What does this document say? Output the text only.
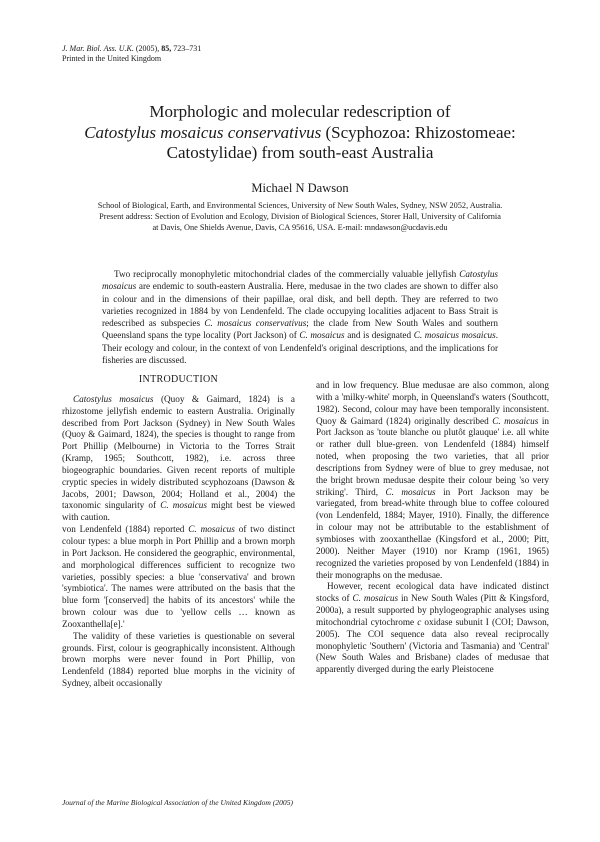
J. Mar. Biol. Ass. U.K. (2005), 85, 723–731
Printed in the United Kingdom
Morphologic and molecular redescription of
Catostylus mosaicus conservativus (Scyphozoa: Rhizostomeae:
Catostylidae) from south-east Australia
Michael N Dawson
School of Biological, Earth, and Environmental Sciences, University of New South Wales, Sydney, NSW 2052, Australia.
Present address: Section of Evolution and Ecology, Division of Biological Sciences, Storer Hall, University of California
at Davis, One Shields Avenue, Davis, CA 95616, USA. E-mail: mndawson@ucdavis.edu

Two reciprocally monophyletic mitochondrial clades of the commercially valuable jellyfish Catostylus mosaicus are endemic to south-eastern Australia. Here, medusae in the two clades are shown to differ also in colour and in the dimensions of their papillae, oral disk, and bell depth. They are referred to two varieties recognized in 1884 by von Lendenfeld. The clade occupying localities adjacent to Bass Strait is redescribed as subspecies C. mosaicus conservativus; the clade from New South Wales and southern Queensland spans the type locality (Port Jackson) of C. mosaicus and is designated C. mosaicus mosaicus. Their ecology and colour, in the context of von Lendenfeld's original descriptions, and the implications for fisheries are discussed.

INTRODUCTION

Catostylus mosaicus (Quoy & Gaimard, 1824) is a rhizostome jellyfish endemic to eastern Australia. Originally described from Port Jackson (Sydney) in New South Wales (Quoy & Gaimard, 1824), the species is thought to range from Port Phillip (Melbourne) in Victoria to the Torres Strait (Kramp, 1965; Southcott, 1982), i.e. across three biogeographic boundaries. Given recent reports of multiple cryptic species in widely distributed scyphozoans (Dawson & Jacobs, 2001; Dawson, 2004; Holland et al., 2004) the taxonomic singularity of C. mosaicus might best be viewed with caution.

von Lendenfeld (1884) reported C. mosaicus of two distinct colour types: a blue morph in Port Phillip and a brown morph in Port Jackson. He considered the geographic, environmental, and morphological differences sufficient to recognize two varieties, possibly species: a blue 'conservativa' and brown 'symbiotica'. The names were attributed on the basis that the blue form '[conserved] the habits of its ancestors' while the brown colour was due to 'yellow cells … known as Zooxanthella[e].'

The validity of these varieties is questionable on several grounds. First, colour is geographically inconsistent. Although brown morphs were never found in Port Phillip, von Lendenfeld (1884) reported blue morphs in the vicinity of Sydney, albeit occasionally

and in low frequency. Blue medusae are also common, along with a 'milky-white' morph, in Queensland's waters (Southcott, 1982). Second, colour may have been temporally inconsistent. Quoy & Gaimard (1824) originally described C. mosaicus in Port Jackson as 'toute blanche ou plutôt glauque' i.e. all white or rather dull blue-green. von Lendenfeld (1884) himself noted, when proposing the two varieties, that all prior descriptions from Sydney were of blue to grey medusae, not the bright brown medusae despite their colour being 'so very striking'. Third, C. mosaicus in Port Jackson may be variegated, from bread-white through blue to coffee coloured (von Lendenfeld, 1884; Mayer, 1910). Finally, the difference in colour may not be attributable to the establishment of symbioses with zooxanthellae (Kingsford et al., 2000; Pitt, 2000). Neither Mayer (1910) nor Kramp (1961, 1965) recognized the varieties proposed by von Lendenfeld (1884) in their monographs on the medusae.

However, recent ecological data have indicated distinct stocks of C. mosaicus in New South Wales (Pitt & Kingsford, 2000a), a result supported by phylogeographic analyses using mitochondrial cytochrome c oxidase subunit I (COI; Dawson, 2005). The COI sequence data also reveal reciprocally monophyletic 'Southern' (Victoria and Tasmania) and 'Central' (New South Wales and Brisbane) clades of medusae that apparently diverged during the early Pleistocene

Journal of the Marine Biological Association of the United Kingdom (2005)
